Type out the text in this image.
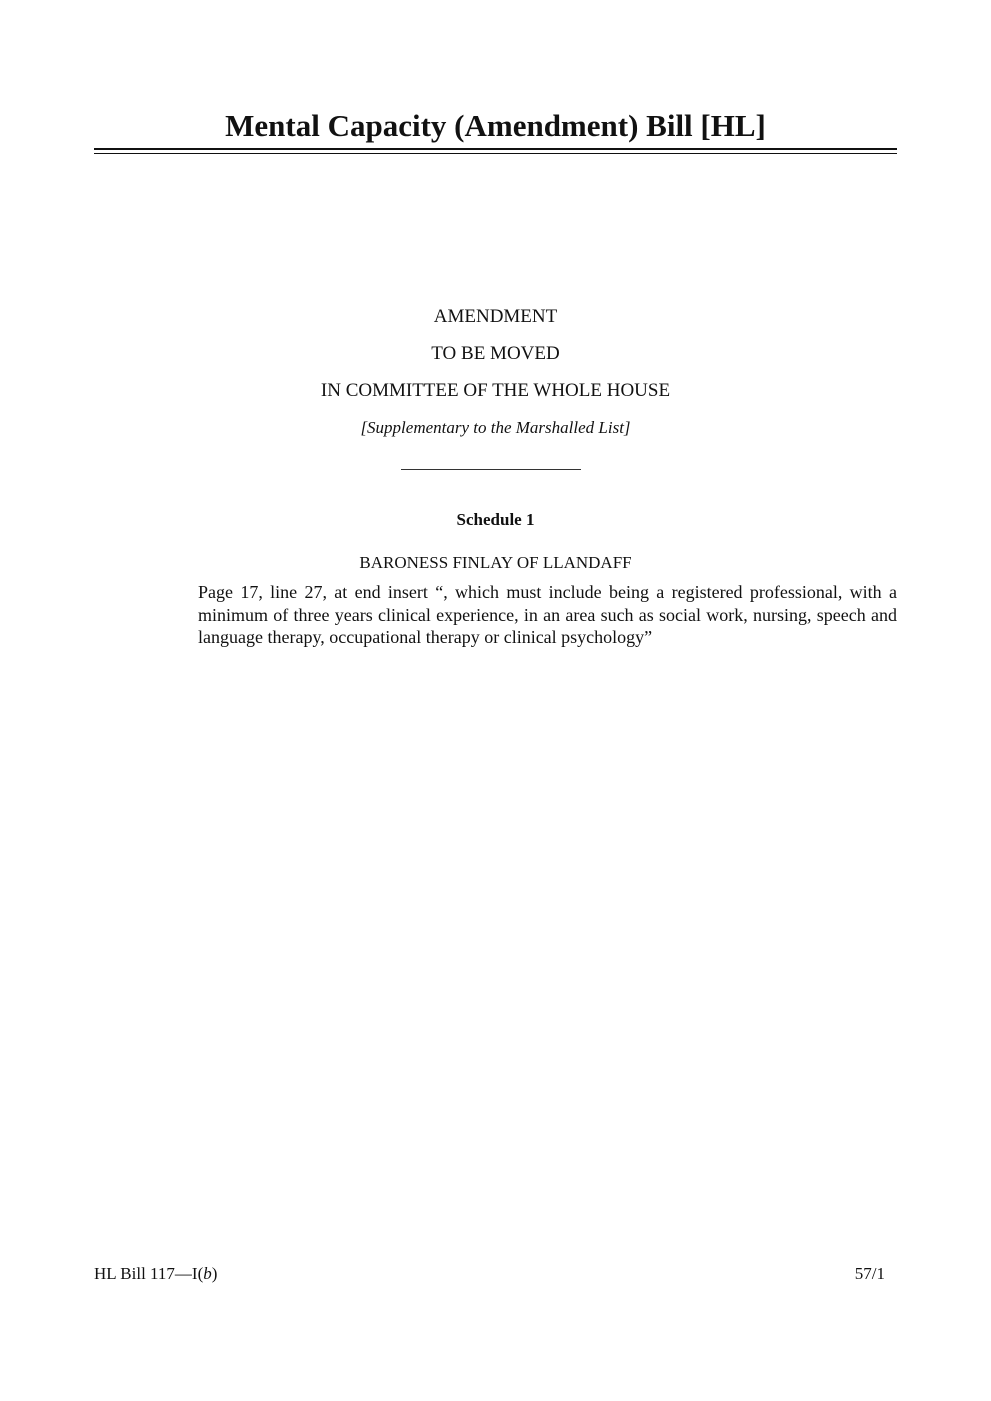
Mental Capacity (Amendment) Bill [HL]

AMENDMENT

TO BE MOVED

IN COMMITTEE OF THE WHOLE HOUSE

[Supplementary to the Marshalled List]

Schedule 1

BARONESS FINLAY OF LLANDAFF

Page 17, line 27, at end insert “, which must include being a registered professional, with a minimum of three years clinical experience, in an area such as social work, nursing, speech and language therapy, occupational therapy or clinical psychology”

HL Bill 117—I(b)	57/1
